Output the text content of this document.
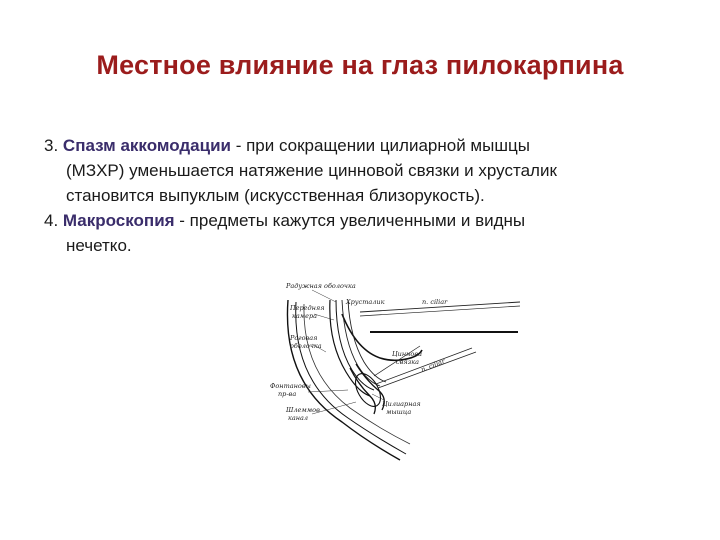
Местное влияние на глаз пилокарпина

3. Спазм аккомодации - при сокращении цилиарной мышцы
(МЗХР) уменьшается натяжение цинновой связки и хрусталик
становится выпуклым (искусственная близорукость).

4. Макроскопия - предметы кажутся увеличенными и видны
нечетко.

Радужная оболочка
Передняя
камера
Роговая
оболочка
Фонтановы
пр-ва
Шлеммов
канал
Хрусталик	n. ciliar
Циннова
связка n. ciliar
Цилиарная
мышца
